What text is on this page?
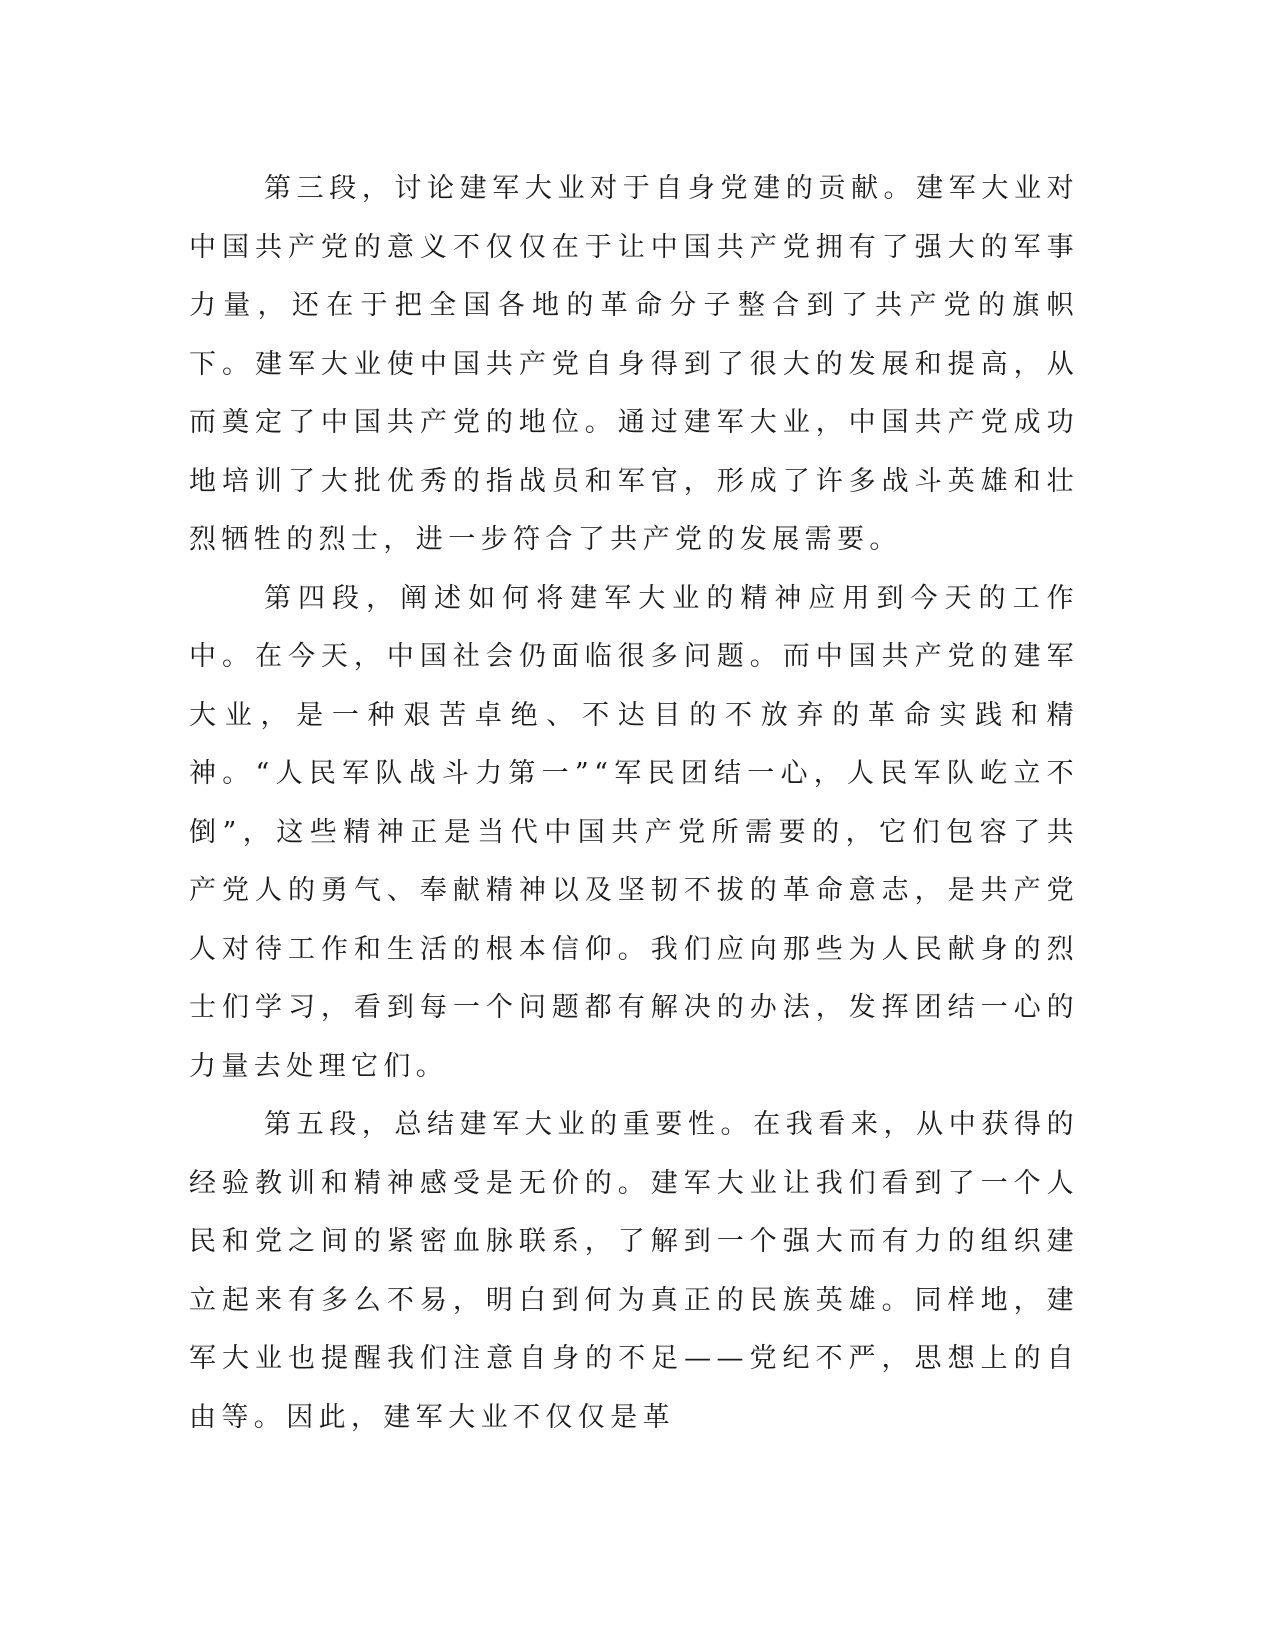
第三段，讨论建军大业对于自身党建的贡献。建军大业对中国共产党的意义不仅仅在于让中国共产党拥有了强大的军事力量，还在于把全国各地的革命分子整合到了共产党的旗帜下。建军大业使中国共产党自身得到了很大的发展和提高，从而奠定了中国共产党的地位。通过建军大业，中国共产党成功地培训了大批优秀的指战员和军官，形成了许多战斗英雄和壮烈牺牲的烈士，进一步符合了共产党的发展需要。

第四段，阐述如何将建军大业的精神应用到今天的工作中。在今天，中国社会仍面临很多问题。而中国共产党的建军大业，是一种艰苦卓绝、不达目的不放弃的革命实践和精神。“人民军队战斗力第一”“军民团结一心，人民军队屹立不倒”，这些精神正是当代中国共产党所需要的，它们包容了共产党人的勇气、奉献精神以及坚韧不拔的革命意志，是共产党人对待工作和生活的根本信仰。我们应向那些为人民献身的烈士们学习，看到每一个问题都有解决的办法，发挥团结一心的力量去处理它们。

第五段，总结建军大业的重要性。在我看来，从中获得的经验教训和精神感受是无价的。建军大业让我们看到了一个人民和党之间的紧密血脉联系，了解到一个强大而有力的组织建立起来有多么不易，明白到何为真正的民族英雄。同样地，建军大业也提醒我们注意自身的不足——党纪不严，思想上的自由等。因此，建军大业不仅仅是革
